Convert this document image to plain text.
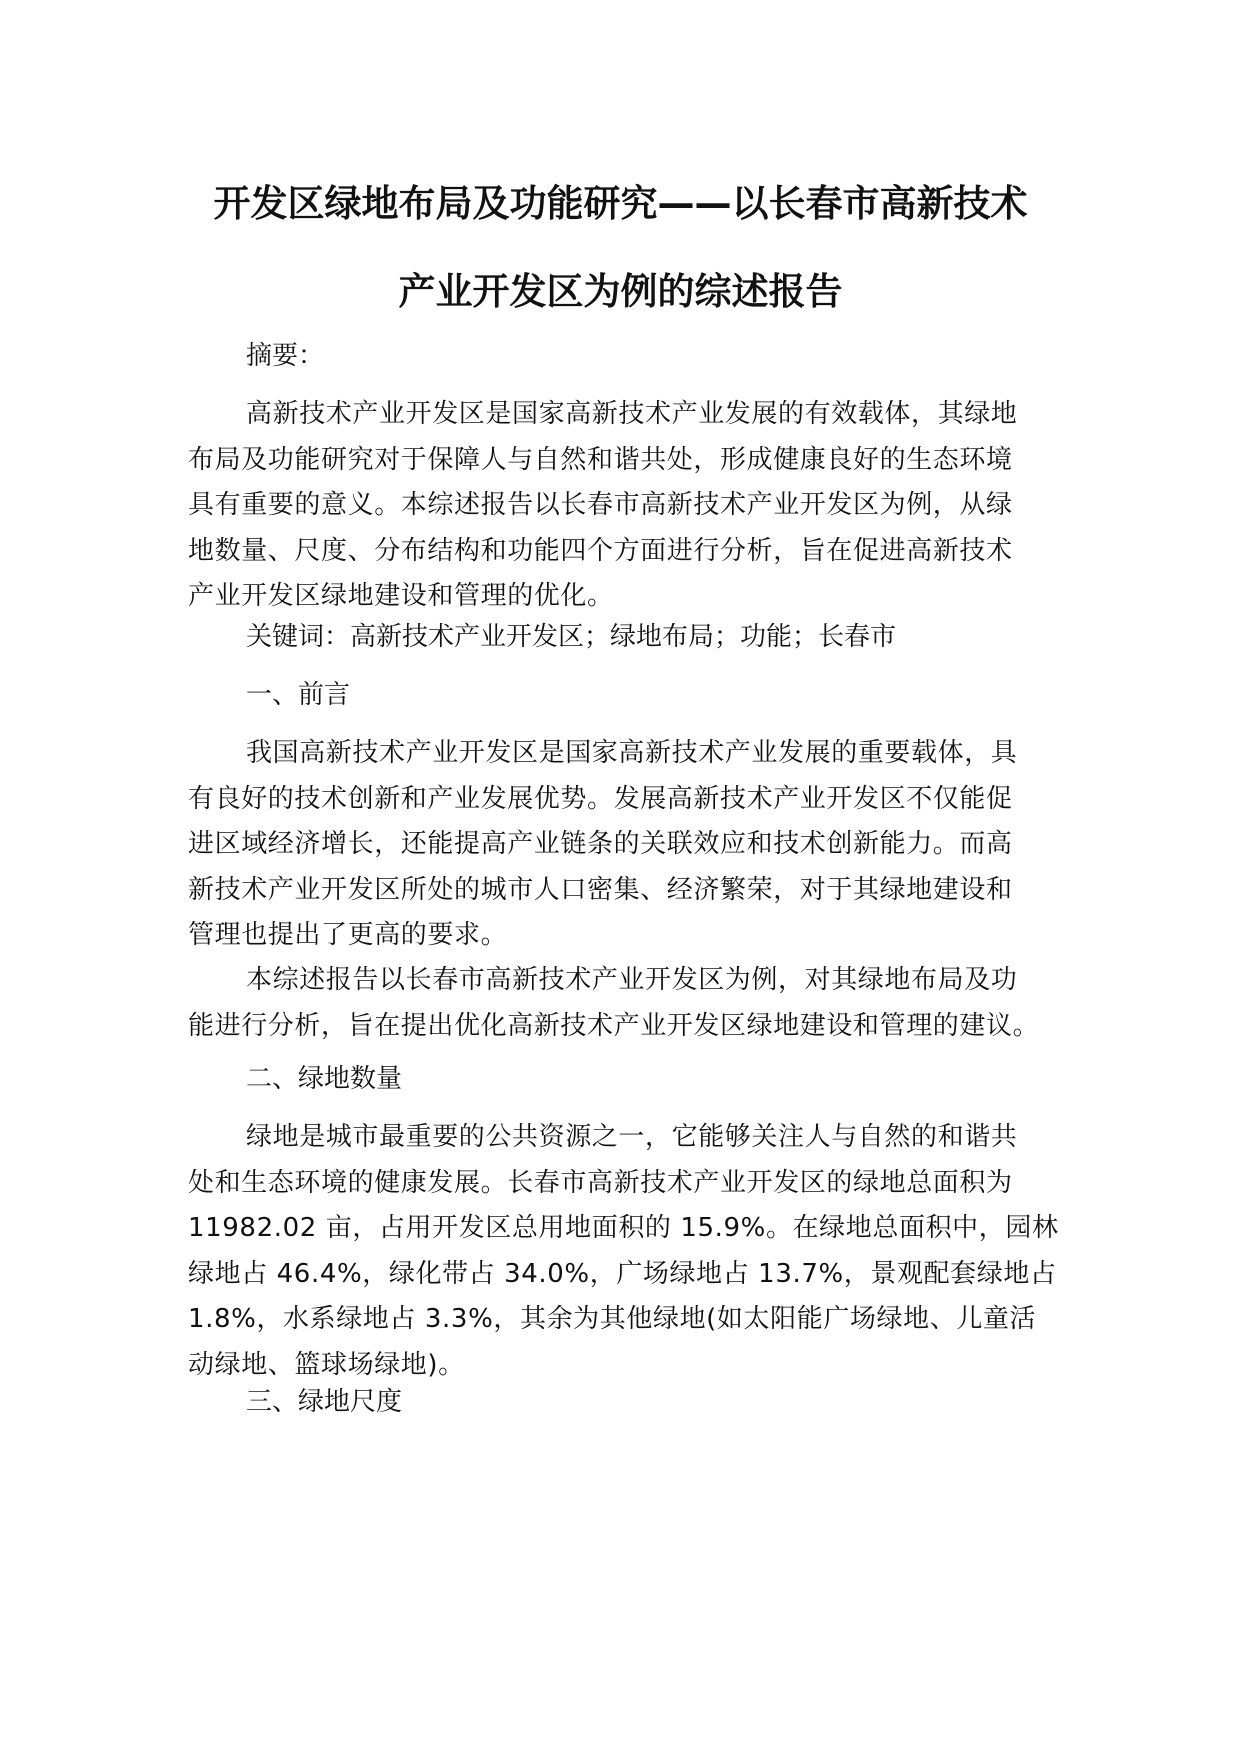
开发区绿地布局及功能研究——以长春市高新技术
产业开发区为例的综述报告
摘要：
高新技术产业开发区是国家高新技术产业发展的有效载体，其绿地
布局及功能研究对于保障人与自然和谐共处，形成健康良好的生态环境
具有重要的意义。本综述报告以长春市高新技术产业开发区为例，从绿
地数量、尺度、分布结构和功能四个方面进行分析，旨在促进高新技术
产业开发区绿地建设和管理的优化。
关键词：高新技术产业开发区；绿地布局；功能；长春市
一、前言
我国高新技术产业开发区是国家高新技术产业发展的重要载体，具
有良好的技术创新和产业发展优势。发展高新技术产业开发区不仅能促
进区域经济增长，还能提高产业链条的关联效应和技术创新能力。而高
新技术产业开发区所处的城市人口密集、经济繁荣，对于其绿地建设和
管理也提出了更高的要求。
本综述报告以长春市高新技术产业开发区为例，对其绿地布局及功
能进行分析，旨在提出优化高新技术产业开发区绿地建设和管理的建议。
二、绿地数量
绿地是城市最重要的公共资源之一，它能够关注人与自然的和谐共
处和生态环境的健康发展。长春市高新技术产业开发区的绿地总面积为
11982.02 亩，占用开发区总用地面积的 15.9%。在绿地总面积中，园林
绿地占 46.4%，绿化带占 34.0%，广场绿地占 13.7%，景观配套绿地占
1.8%，水系绿地占 3.3%，其余为其他绿地(如太阳能广场绿地、儿童活
动绿地、篮球场绿地)。
三、绿地尺度
